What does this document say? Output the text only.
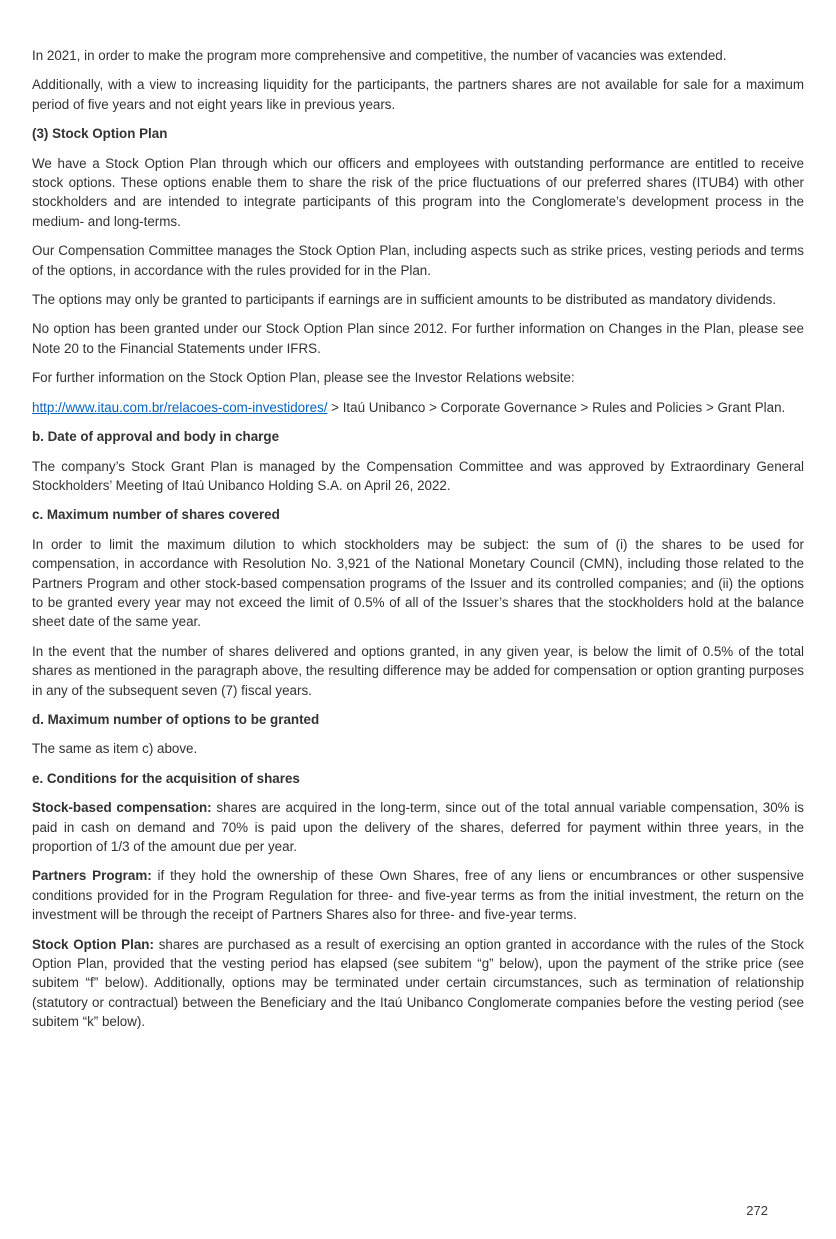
In 2021, in order to make the program more comprehensive and competitive, the number of vacancies was extended.

Additionally, with a view to increasing liquidity for the participants, the partners shares are not available for sale for a maximum period of five years and not eight years like in previous years.

(3) Stock Option Plan

We have a Stock Option Plan through which our officers and employees with outstanding performance are entitled to receive stock options. These options enable them to share the risk of the price fluctuations of our preferred shares (ITUB4) with other stockholders and are intended to integrate participants of this program into the Conglomerate’s development process in the medium- and long-terms.

Our Compensation Committee manages the Stock Option Plan, including aspects such as strike prices, vesting periods and terms of the options, in accordance with the rules provided for in the Plan.

The options may only be granted to participants if earnings are in sufficient amounts to be distributed as mandatory dividends.

No option has been granted under our Stock Option Plan since 2012. For further information on Changes in the Plan, please see Note 20 to the Financial Statements under IFRS.

For further information on the Stock Option Plan, please see the Investor Relations website:

http://www.itau.com.br/relacoes-com-investidores/ > Itaú Unibanco > Corporate Governance > Rules and Policies > Grant Plan.

b. Date of approval and body in charge

The company’s Stock Grant Plan is managed by the Compensation Committee and was approved by Extraordinary General Stockholders’ Meeting of Itaú Unibanco Holding S.A. on April 26, 2022.

c. Maximum number of shares covered

In order to limit the maximum dilution to which stockholders may be subject: the sum of (i) the shares to be used for compensation, in accordance with Resolution No. 3,921 of the National Monetary Council (CMN), including those related to the Partners Program and other stock-based compensation programs of the Issuer and its controlled companies; and (ii) the options to be granted every year may not exceed the limit of 0.5% of all of the Issuer’s shares that the stockholders hold at the balance sheet date of the same year.

In the event that the number of shares delivered and options granted, in any given year, is below the limit of 0.5% of the total shares as mentioned in the paragraph above, the resulting difference may be added for compensation or option granting purposes in any of the subsequent seven (7) fiscal years.

d. Maximum number of options to be granted

The same as item c) above.

e. Conditions for the acquisition of shares

Stock-based compensation: shares are acquired in the long-term, since out of the total annual variable compensation, 30% is paid in cash on demand and 70% is paid upon the delivery of the shares, deferred for payment within three years, in the proportion of 1/3 of the amount due per year.

Partners Program: if they hold the ownership of these Own Shares, free of any liens or encumbrances or other suspensive conditions provided for in the Program Regulation for three- and five-year terms as from the initial investment, the return on the investment will be through the receipt of Partners Shares also for three- and five-year terms.

Stock Option Plan: shares are purchased as a result of exercising an option granted in accordance with the rules of the Stock Option Plan, provided that the vesting period has elapsed (see subitem “g” below), upon the payment of the strike price (see subitem “f” below). Additionally, options may be terminated under certain circumstances, such as termination of relationship (statutory or contractual) between the Beneficiary and the Itaú Unibanco Conglomerate companies before the vesting period (see subitem “k” below).

272
